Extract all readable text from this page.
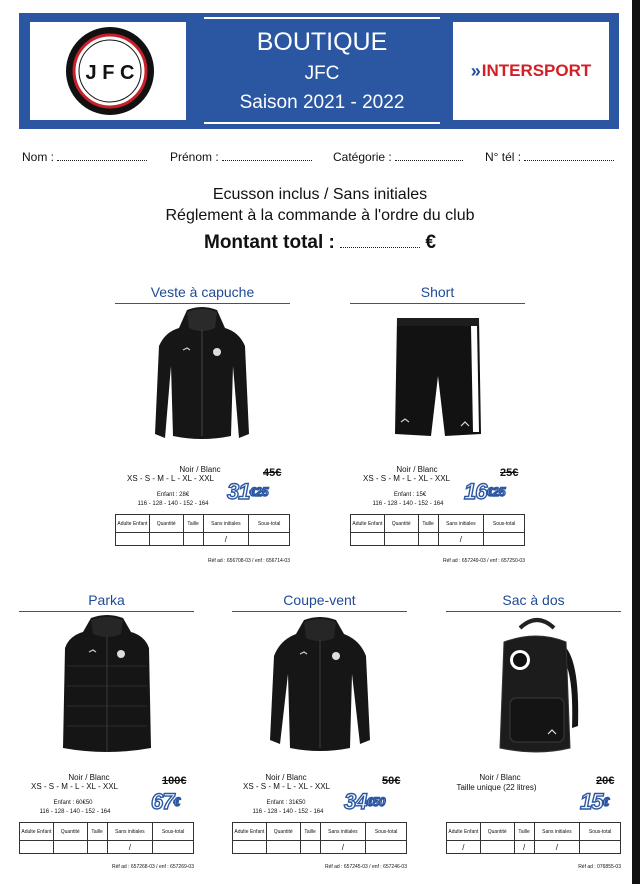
J F C
BOUTIQUE
JFC
Saison 2021 - 2022
» INTERSPORT
Nom :	Prénom :	Catégorie :	N° tél :
Ecusson inclus / Sans initiales
Réglement à la commande à l'ordre du club
Montant total :	€
Veste à capuche
Noir / Blanc
XS - S - M - L - XL - XXL	45€
Enfant : 28€
116 - 128 - 140 - 152 - 164 $31^{€25}$
Adulte Enfant	Quantité	Taille	Sans initiales	Sous-total
			/	
Réf ad : 656708-03 / enf : 656714-03
Short
Noir / Blanc
XS - S - M - L - XL - XXL	25€
Enfant : 15€
116 - 128 - 140 - 152 - 164 $16^{€25}$
Adulte Enfant	Quantité	Taille	Sans initiales	Sous-total
			/	
Réf ad : 657249-03 / enf : 657250-03
Parka
Noir / Blanc
XS - S - M - L - XL - XXL	100€
Enfant : 60€50
116 - 128 - 140 - 152 - 164	67€
Adulte Enfant	Quantité	Taille	Sans initiales	Sous-total
			/	
Réf ad : 657268-03 / enf : 657269-03
Coupe-vent
Noir / Blanc
XS - S - M - L - XL - XXL	50€
Enfant : 31€50
116 - 128 - 140 - 152 - 164 $34^{€50}$
Adulte Enfant	Quantité	Taille	Sans initiales	Sous-total
			/	
Réf ad : 657245-03 / enf : 657246-03
Sac à dos
Noir / Blanc
Taille unique (22 litres)
20€
15€
Adulte Enfant	Quantité	Taille	Sans initiales	Sous-total
/		/	/	
Réf ad : 076855-03
